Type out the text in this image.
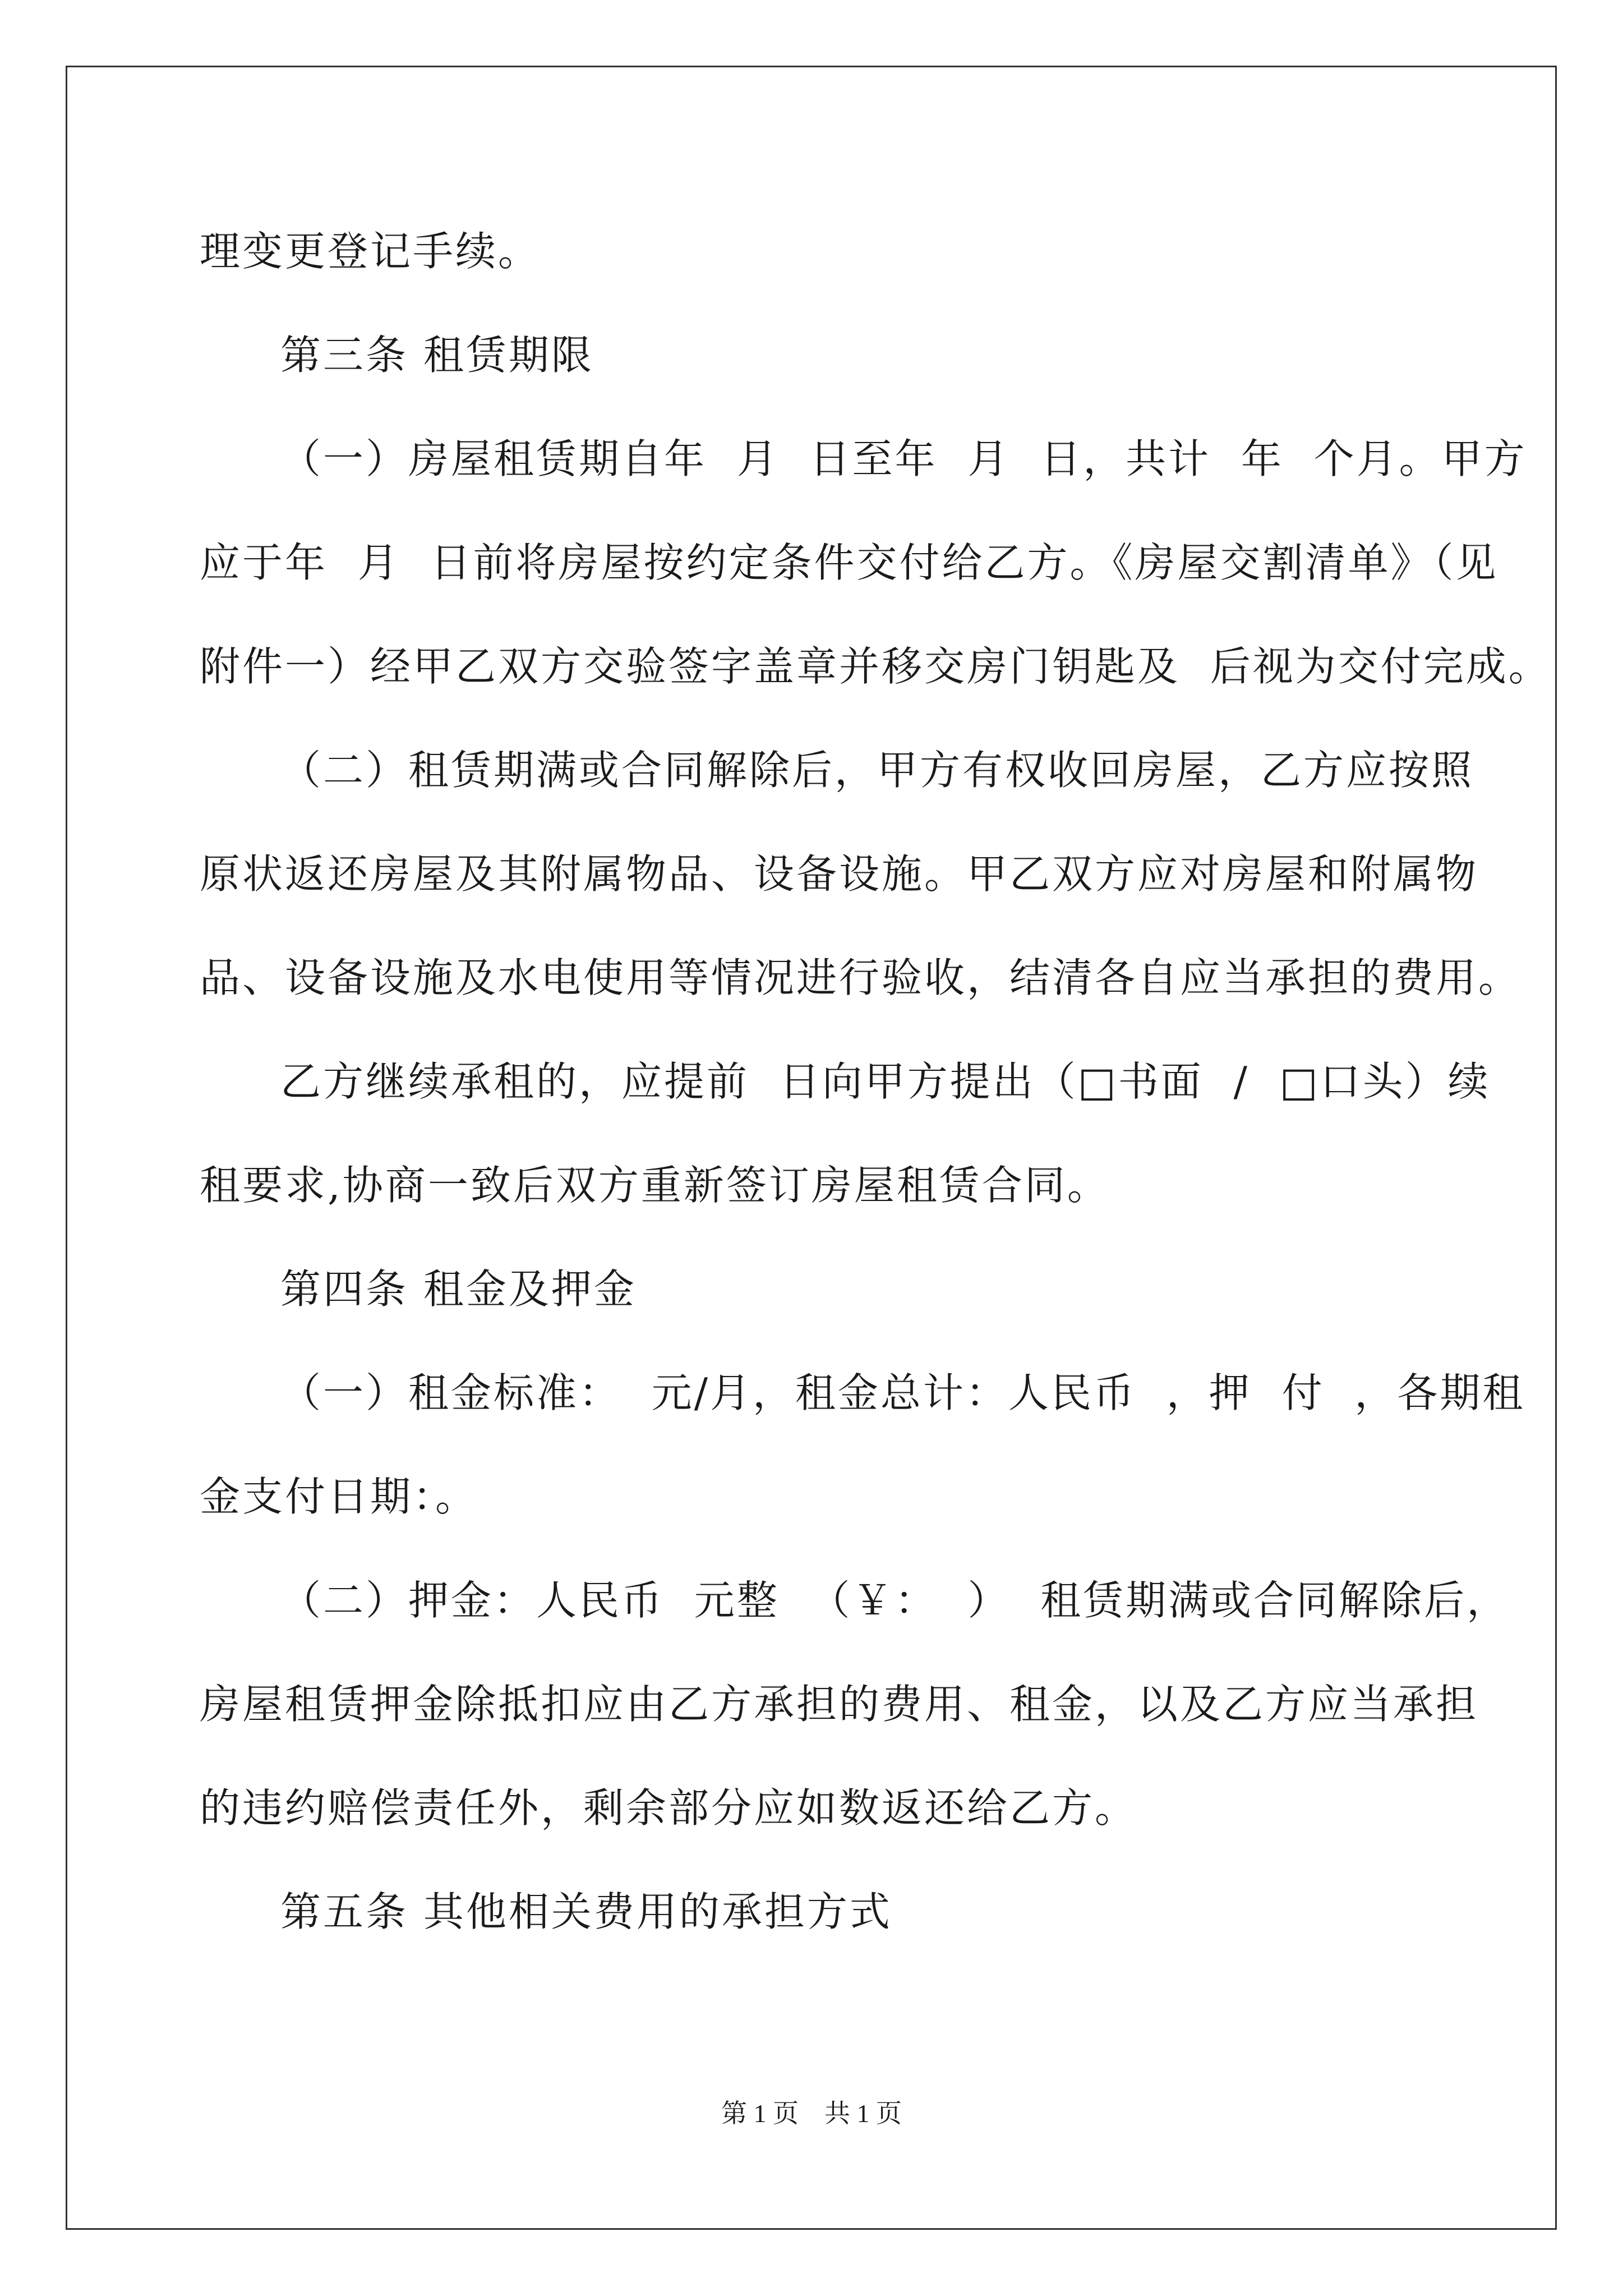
理变更登记手续。
第三条 租赁期限
（一）房屋租赁期自年  月  日至年  月  日，共计  年  个月。甲方
应于年  月  日前将房屋按约定条件交付给乙方。《房屋交割清单》（见
附件一）经甲乙双方交验签字盖章并移交房门钥匙及  后视为交付完成。
（二）租赁期满或合同解除后，甲方有权收回房屋，乙方应按照
原状返还房屋及其附属物品、设备设施。甲乙双方应对房屋和附属物
品、设备设施及水电使用等情况进行验收，结清各自应当承担的费用。
乙方继续承租的，应提前  日向甲方提出（□书面  /  □口头）续
租要求,协商一致后双方重新签订房屋租赁合同。
第四条 租金及押金
（一）租金标准：  元/月，租金总计：人民币  ，押  付  ，各期租
金支付日期：。
（二）押金：人民币  元整  （￥：  ）  租赁期满或合同解除后，
房屋租赁押金除抵扣应由乙方承担的费用、租金，以及乙方应当承担
的违约赔偿责任外，剩余部分应如数返还给乙方。
第五条 其他相关费用的承担方式
第 1 页    共 1 页
